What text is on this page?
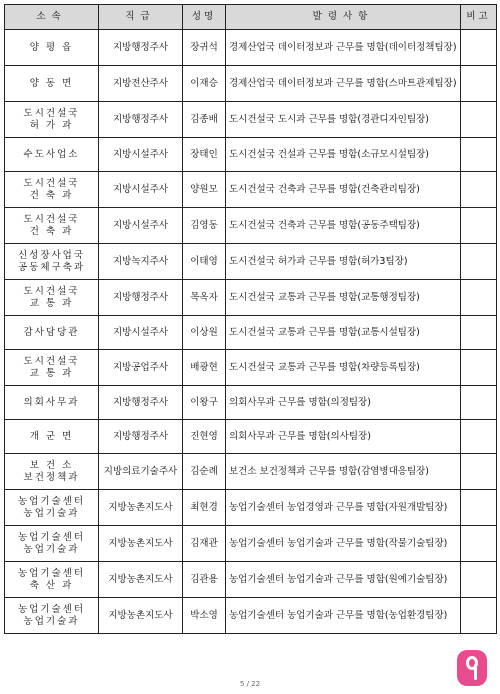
소속	직급	성명	발령사항	비고

양 평 읍	지방행정주사	장귀석	경제산업국 데이터정보과 근무를 명함(데이터정책팀장)	

양 동 면	지방전산주사	이재승	경제산업국 데이터정보과 근무를 명함(스마트관제팀장)	

도시건설국
허 가 과	지방행정주사	김종배	도시건설국 도시과 근무를 명함(경관디자인팀장)	

수도사업소	지방시설주사	장태인	도시건설국 건설과 근무를 명함(소규모시설팀장)	

도시건설국
건 축 과	지방시설주사	양원모	도시건설국 건축과 근무를 명함(건축관리팀장)	

도시건설국
건 축 과	지방시설주사	김영동	도시건설국 건축과 근무를 명함(공동주택팀장)	

신성장사업국
공동체구축과	지방녹지주사	이태영	도시건설국 허가과 근무를 명함(허가3팀장)	

도시건설국
교 통 과	지방행정주사	목옥자	도시건설국 교통과 근무를 명함(교통행정팀장)	

감사담당관	지방시설주사	이상원	도시건설국 교통과 근무를 명함(교통시설팀장)	

도시건설국
교 통 과	지방공업주사	배광현	도시건설국 교통과 근무를 명함(차량등록팀장)	

의회사무과	지방행정주사	이왕구	의회사무과 근무를 명함(의정팀장)	

개 군 면	지방행정주사	진현영	의회사무과 근무를 명함(의사팀장)	

보 건 소
보건정책과	지방의료기술주사	김순례	보건소 보건정책과 근무를 명함(감염병대응팀장)	

농업기술센터
농업기술과	지방농촌지도사	최현경	농업기술센터 농업경영과 근무를 명함(자원개발팀장)	

농업기술센터
농업기술과	지방농촌지도사	김재관	농업기술센터 농업기술과 근무를 명함(작물기술팀장)	

농업기술센터
축 산 과	지방농촌지도사	김관용	농업기술센터 농업기술과 근무를 명함(원예기술팀장)	

농업기술센터
농업기술과	지방농촌지도사	박소영	농업기술센터 농업기술과 근무를 명함(농업환경팀장)	
5 / 22
